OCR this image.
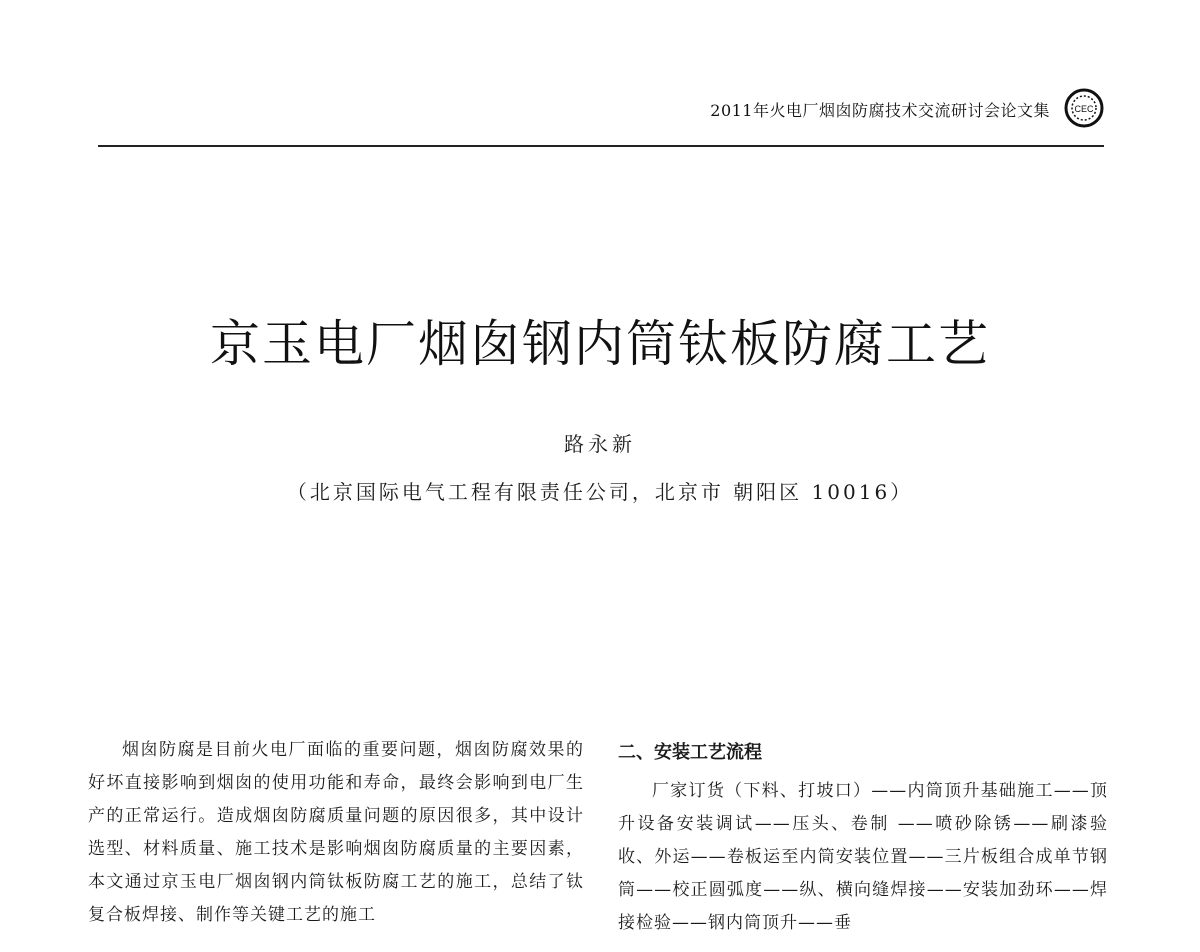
2011年火电厂烟囱防腐技术交流研讨会论文集	CEC
京玉电厂烟囱钢内筒钛板防腐工艺
路永新
（北京国际电气工程有限责任公司，北京市 朝阳区 10016）

烟囱防腐是目前火电厂面临的重要问题，烟囱防腐效果的好坏直接影响到烟囱的使用功能和寿命，最终会影响到电厂生产的正常运行。造成烟囱防腐质量问题的原因很多，其中设计选型、材料质量、施工技术是影响烟囱防腐质量的主要因素，本文通过京玉电厂烟囱钢内筒钛板防腐工艺的施工，总结了钛复合板焊接、制作等关键工艺的施工

二、安装工艺流程

厂家订货（下料、打坡口）——内筒顶升基础施工——顶升设备安装调试——压头、卷制 ——喷砂除锈——刷漆验收、外运——卷板运至内筒安装位置——三片板组合成单节钢筒——校正圆弧度——纵、横向缝焊接——安装加劲环——焊接检验——钢内筒顶升——垂
